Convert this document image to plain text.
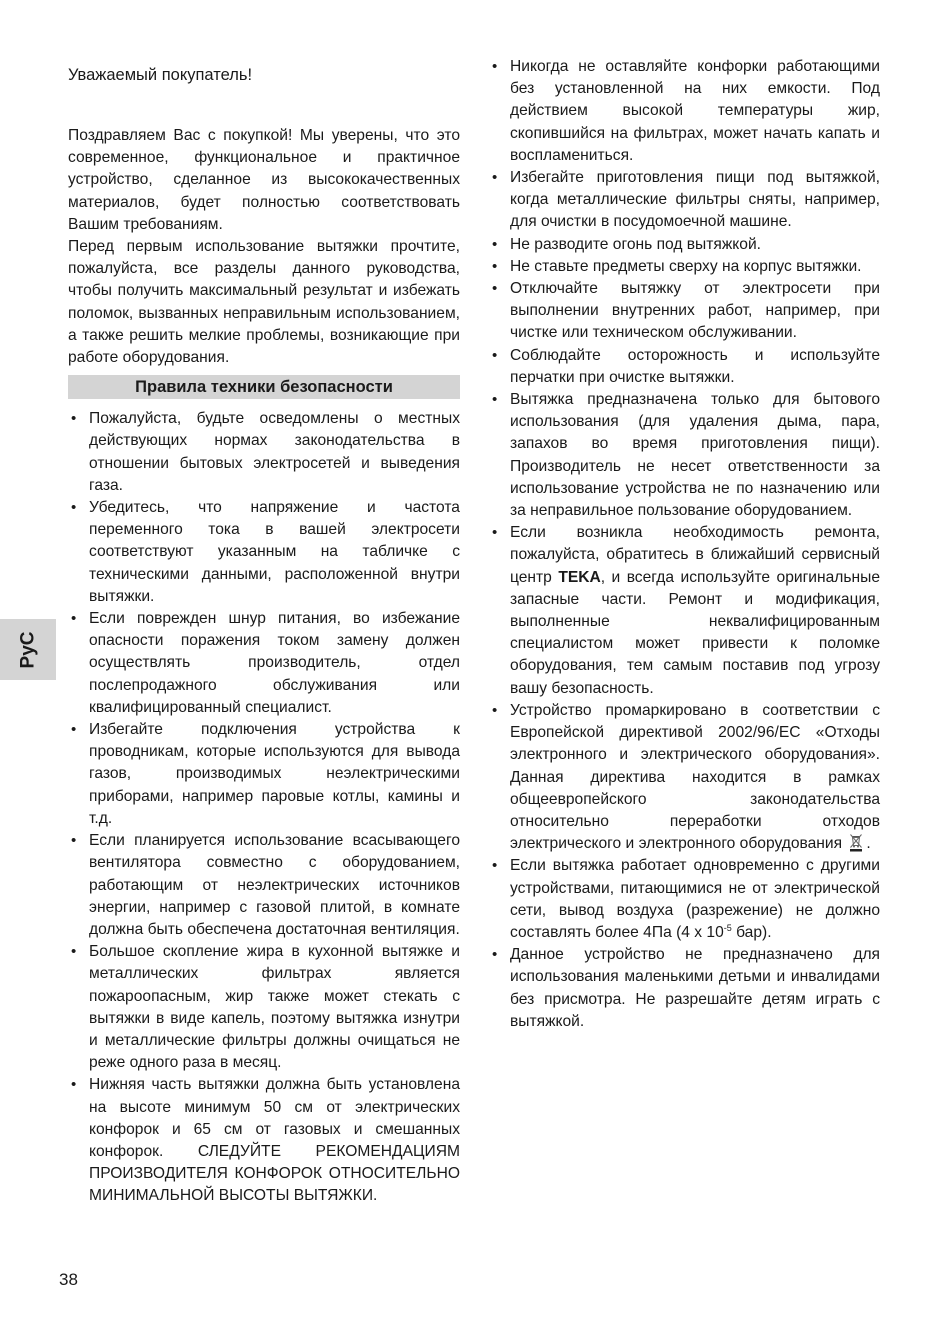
РуС

Уважаемый покупатель!

Поздравляем Вас с покупкой! Мы уверены, что это современное, функциональное и практичное устройство, сделанное из высококачественных материалов, будет полностью соответствовать Вашим требованиям.

Перед первым использование вытяжки прочтите, пожалуйста, все разделы данного руководства, чтобы получить максимальный результат и избежать поломок, вызванных неправильным использованием, а также решить мелкие проблемы, возникающие при работе оборудования.

Правила техники безопасности
• Пожалуйста, будьте осведомлены о местных действующих нормах законодательства в отношении бытовых электросетей и выведения газа.
• Убедитесь, что напряжение и частота переменного тока в вашей электросети соответствуют указанным на табличке с техническими данными, расположенной внутри вытяжки.
• Если поврежден шнур питания, во избежание опасности поражения током замену должен осуществлять производитель, отдел послепродажного обслуживания или квалифицированный специалист.
• Избегайте подключения устройства к проводникам, которые используются для вывода газов, производимых неэлектрическими приборами, например паровые котлы, камины и т.д.
• Если планируется использование всасывающего вентилятора совместно с оборудованием, работающим от неэлектрических источников энергии, например с газовой плитой, в комнате должна быть обеспечена достаточная вентиляция.
• Большое скопление жира в кухонной вытяжке и металлических фильтрах является пожароопасным, жир также может стекать с вытяжки в виде капель, поэтому вытяжка изнутри и металлические фильтры должны очищаться не реже одного раза в месяц.
• Нижняя часть вытяжки должна быть установлена на высоте минимум 50 см от электрических конфорок и 65 см от газовых и смешанных конфорок. СЛЕДУЙТЕ РЕКОМЕНДАЦИЯМ ПРОИЗВОДИТЕЛЯ КОНФОРОК ОТНОСИТЕЛЬНО МИНИМАЛЬНОЙ ВЫСОТЫ ВЫТЯЖКИ.
• Никогда не оставляйте конфорки работающими без установленной на них емкости. Под действием высокой температуры жир, скопившийся на фильтрах, может начать капать и воспламениться.
• Избегайте приготовления пищи под вытяжкой, когда металлические фильтры сняты, например, для очистки в посудомоечной машине.
• Не разводите огонь под вытяжкой.
• Не ставьте предметы сверху на корпус вытяжки.
• Отключайте вытяжку от электросети при выполнении внутренних работ, например, при чистке или техническом обслуживании.
• Соблюдайте осторожность и используйте перчатки при очистке вытяжки.
• Вытяжка предназначена только для бытового использования (для удаления дыма, пара, запахов во время приготовления пищи). Производитель не несет ответственности за использование устройства не по назначению или за неправильное пользование оборудованием.
• Если возникла необходимость ремонта, пожалуйста, обратитесь в ближайший сервисный центр TEKA, и всегда используйте оригинальные запасные части. Ремонт и модификация, выполненные неквалифицированным специалистом может привести к поломке оборудования, тем самым поставив под угрозу вашу безопасность.
• Устройство промаркировано в соответствии с Европейской директивой 2002/96/EC «Отходы электронного и электрического оборудования». Данная директива находится в рамках общеевропейского законодательства относительно переработки отходов электрического и электронного оборудования .
• Если вытяжка работает одновременно с другими устройствами, питающимися не от электрической сети, вывод воздуха (разрежение) не должно составлять более 4Па (4 x $10^{-5}$ бар).
• Данное устройство не предназначено для использования маленькими детьми и инвалидами без присмотра. Не разрешайте детям играть с вытяжкой.
38
